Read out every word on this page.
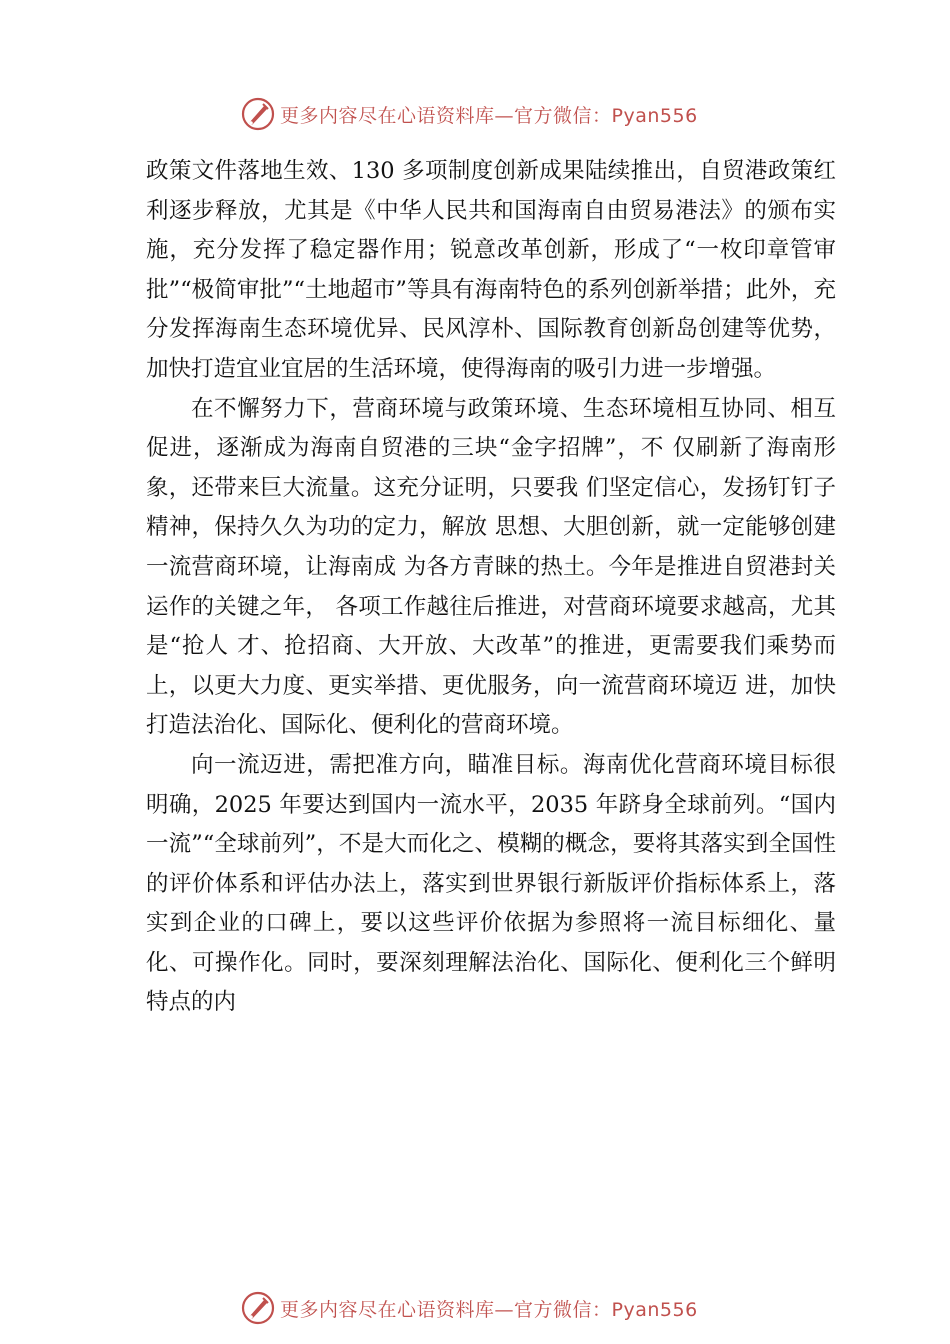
更多内容尽在心语资料库—官方微信：Pyan556

政策文件落地生效、130 多项制度创新成果陆续推出，自贸港政策红利逐步释放，尤其是《中华人民共和国海南自由贸易港法》的颁布实施，充分发挥了稳定器作用；锐意改革创新，形成了“一枚印章管审批”“极简审批”“土地超市”等具有海南特色的系列创新举措；此外，充分发挥海南生态环境优异、民风淳朴、国际教育创新岛创建等优势，加快打造宜业宜居的生活环境，使得海南的吸引力进一步增强。

在不懈努力下，营商环境与政策环境、生态环境相互协同、相互促进，逐渐成为海南自贸港的三块“金字招牌”，不 仅刷新了海南形象，还带来巨大流量。这充分证明，只要我 们坚定信心，发扬钉钉子精神，保持久久为功的定力，解放 思想、大胆创新，就一定能够创建一流营商环境，让海南成 为各方青睐的热土。今年是推进自贸港封关运作的关键之年， 各项工作越往后推进，对营商环境要求越高，尤其是“抢人 才、抢招商、大开放、大改革”的推进，更需要我们乘势而 上，以更大力度、更实举措、更优服务，向一流营商环境迈 进，加快打造法治化、国际化、便利化的营商环境。

向一流迈进，需把准方向，瞄准目标。海南优化营商环境目标很明确，2025 年要达到国内一流水平，2035 年跻身全球前列。“国内一流”“全球前列”，不是大而化之、模糊的概念，要将其落实到全国性的评价体系和评估办法上，落实到世界银行新版评价指标体系上，落实到企业的口碑上，要以这些评价依据为参照将一流目标细化、量化、可操作化。同时，要深刻理解法治化、国际化、便利化三个鲜明特点的内

更多内容尽在心语资料库—官方微信：Pyan556
